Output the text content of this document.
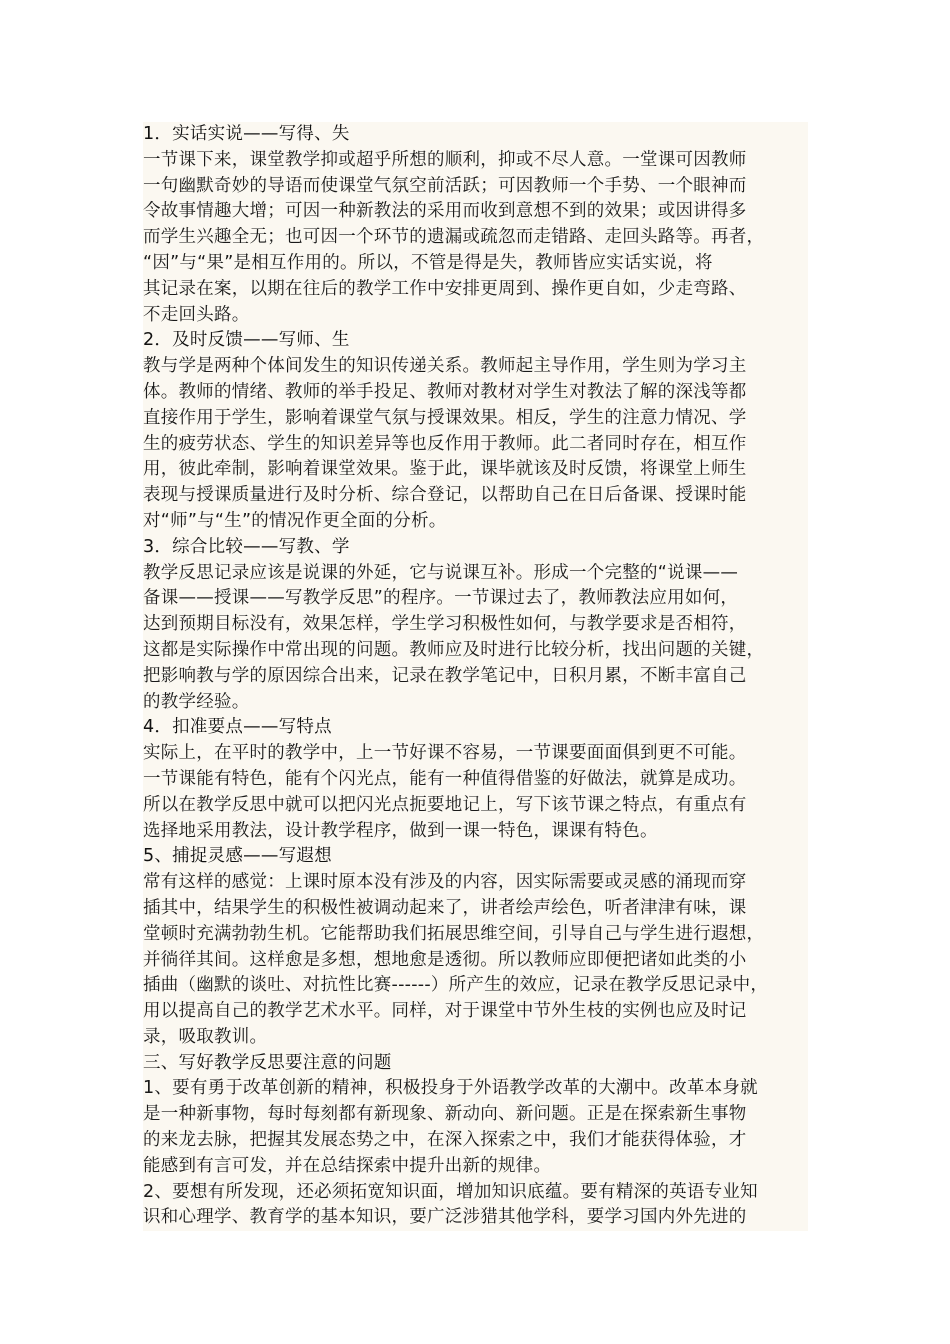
1．实话实说——写得、失
一节课下来，课堂教学抑或超乎所想的顺利，抑或不尽人意。一堂课可因教师
一句幽默奇妙的导语而使课堂气氛空前活跃；可因教师一个手势、一个眼神而
令故事情趣大增；可因一种新教法的采用而收到意想不到的效果；或因讲得多
而学生兴趣全无；也可因一个环节的遗漏或疏忽而走错路、走回头路等。再者，
“因”与“果”是相互作用的。所以，不管是得是失，教师皆应实话实说，将
其记录在案，以期在往后的教学工作中安排更周到、操作更自如，少走弯路、
不走回头路。
2．及时反馈——写师、生
教与学是两种个体间发生的知识传递关系。教师起主导作用，学生则为学习主
体。教师的情绪、教师的举手投足、教师对教材对学生对教法了解的深浅等都
直接作用于学生，影响着课堂气氛与授课效果。相反，学生的注意力情况、学
生的疲劳状态、学生的知识差异等也反作用于教师。此二者同时存在，相互作
用，彼此牵制，影响着课堂效果。鉴于此，课毕就该及时反馈，将课堂上师生
表现与授课质量进行及时分析、综合登记，以帮助自己在日后备课、授课时能
对“师”与“生”的情况作更全面的分析。
3．综合比较——写教、学
教学反思记录应该是说课的外延，它与说课互补。形成一个完整的“说课——
备课——授课——写教学反思”的程序。一节课过去了，教师教法应用如何，
达到预期目标没有，效果怎样，学生学习积极性如何，与教学要求是否相符，
这都是实际操作中常出现的问题。教师应及时进行比较分析，找出问题的关键，
把影响教与学的原因综合出来，记录在教学笔记中，日积月累，不断丰富自己
的教学经验。
4．扣准要点——写特点
实际上，在平时的教学中，上一节好课不容易，一节课要面面俱到更不可能。
一节课能有特色，能有个闪光点，能有一种值得借鉴的好做法，就算是成功。
所以在教学反思中就可以把闪光点扼要地记上，写下该节课之特点，有重点有
选择地采用教法，设计教学程序，做到一课一特色，课课有特色。
5、捕捉灵感——写遐想
常有这样的感觉：上课时原本没有涉及的内容，因实际需要或灵感的涌现而穿
插其中，结果学生的积极性被调动起来了，讲者绘声绘色，听者津津有味，课
堂顿时充满勃勃生机。它能帮助我们拓展思维空间，引导自己与学生进行遐想，
并徜徉其间。这样愈是多想，想地愈是透彻。所以教师应即便把诸如此类的小
插曲（幽默的谈吐、对抗性比赛------）所产生的效应，记录在教学反思记录中，
用以提高自己的教学艺术水平。同样，对于课堂中节外生枝的实例也应及时记
录，吸取教训。
三、写好教学反思要注意的问题
1、要有勇于改革创新的精神，积极投身于外语教学改革的大潮中。改革本身就
是一种新事物，每时每刻都有新现象、新动向、新问题。正是在探索新生事物
的来龙去脉，把握其发展态势之中，在深入探索之中，我们才能获得体验，才
能感到有言可发，并在总结探索中提升出新的规律。
2、要想有所发现，还必须拓宽知识面，增加知识底蕴。要有精深的英语专业知
识和心理学、教育学的基本知识，要广泛涉猎其他学科，要学习国内外先进的
